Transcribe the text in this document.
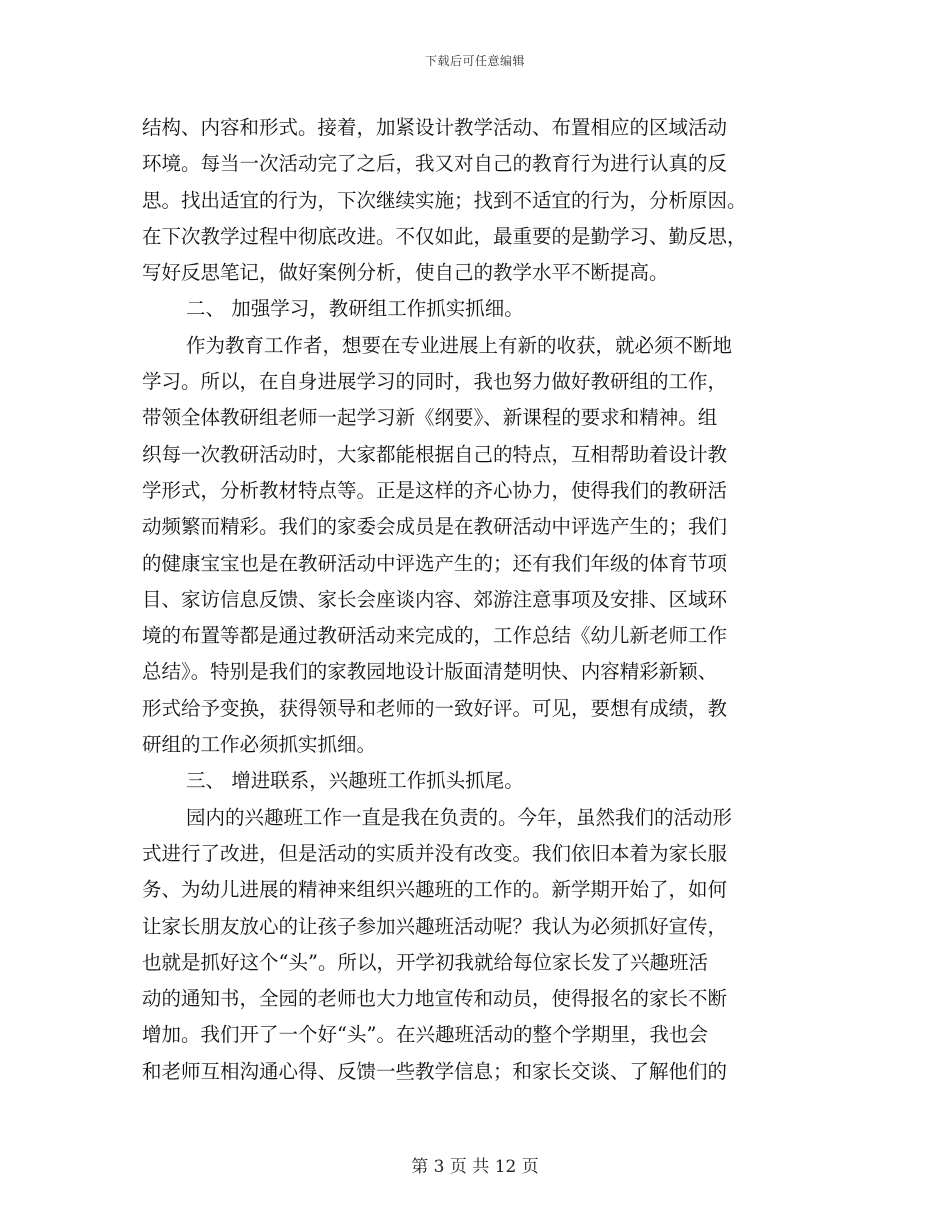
下载后可任意编辑
结构、内容和形式。接着，加紧设计教学活动、布置相应的区域活动
环境。每当一次活动完了之后，我又对自己的教育行为进行认真的反
思。找出适宜的行为，下次继续实施；找到不适宜的行为，分析原因。
在下次教学过程中彻底改进。不仅如此，最重要的是勤学习、勤反思，
写好反思笔记，做好案例分析，使自己的教学水平不断提高。
二、 加强学习，教研组工作抓实抓细。
作为教育工作者，想要在专业进展上有新的收获，就必须不断地
学习。所以，在自身进展学习的同时，我也努力做好教研组的工作，
带领全体教研组老师一起学习新《纲要》、新课程的要求和精神。组
织每一次教研活动时，大家都能根据自己的特点，互相帮助着设计教
学形式，分析教材特点等。正是这样的齐心协力，使得我们的教研活
动频繁而精彩。我们的家委会成员是在教研活动中评选产生的；我们
的健康宝宝也是在教研活动中评选产生的；还有我们年级的体育节项
目、家访信息反馈、家长会座谈内容、郊游注意事项及安排、区域环
境的布置等都是通过教研活动来完成的，工作总结《幼儿新老师工作
总结》。特别是我们的家教园地设计版面清楚明快、内容精彩新颖、
形式给予变换，获得领导和老师的一致好评。可见，要想有成绩，教
研组的工作必须抓实抓细。
三、 增进联系，兴趣班工作抓头抓尾。
园内的兴趣班工作一直是我在负责的。今年，虽然我们的活动形
式进行了改进，但是活动的实质并没有改变。我们依旧本着为家长服
务、为幼儿进展的精神来组织兴趣班的工作的。新学期开始了，如何
让家长朋友放心的让孩子参加兴趣班活动呢？我认为必须抓好宣传，
也就是抓好这个“头”。所以，开学初我就给每位家长发了兴趣班活
动的通知书，全园的老师也大力地宣传和动员，使得报名的家长不断
增加。我们开了一个好“头”。在兴趣班活动的整个学期里，我也会
和老师互相沟通心得、反馈一些教学信息；和家长交谈、了解他们的
第 3 页 共 12 页
